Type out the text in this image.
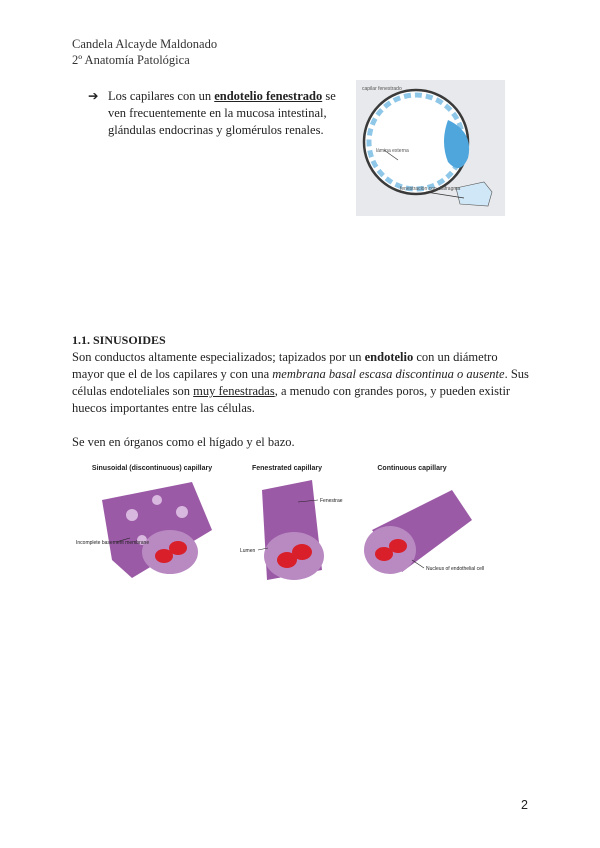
Candela Alcayde Maldonado
2º Anatomía Patológica
➔ Los capilares con un endotelio fenestrado se ven frecuentemente en la mucosa intestinal, glándulas endocrinas y glomérulos renales.
capilar fenestrado
lámina externa
fenestración con diafragma
1.1. SINUSOIDES

Son conductos altamente especializados; tapizados por un endotelio con un diámetro mayor que el de los capilares y con una membrana basal escasa discontinua o ausente. Sus células endoteliales son muy fenestradas, a menudo con grandes poros, y pueden existir huecos importantes entre las células.

Se ven en órganos como el hígado y el bazo.

Sinusoidal (discontinuous) capillary	Fenestrated capillary	Continuous capillary
Incomplete basement membrane
Fenestrae
Lumen
Nucleus of endothelial cell
2
